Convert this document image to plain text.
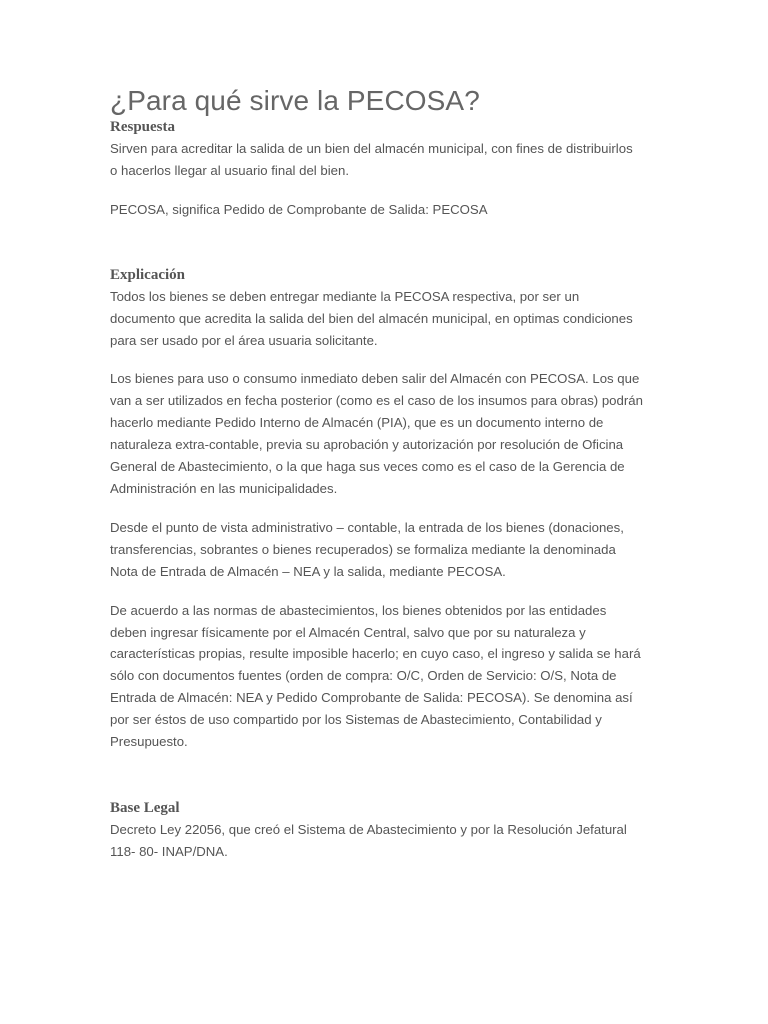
¿Para qué sirve la PECOSA?
Respuesta

Sirven para acreditar la salida de un bien del almacén municipal, con fines de distribuirlos
o hacerlos llegar al usuario final del bien.

PECOSA, significa Pedido de Comprobante de Salida: PECOSA

Explicación

Todos los bienes se deben entregar mediante la PECOSA respectiva, por ser un
documento que acredita la salida del bien del almacén municipal, en optimas condiciones
para ser usado por el área usuaria solicitante.

Los bienes para uso o consumo inmediato deben salir del Almacén con PECOSA. Los que
van a ser utilizados en fecha posterior (como es el caso de los insumos para obras) podrán
hacerlo mediante Pedido Interno de Almacén (PIA), que es un documento interno de
naturaleza extra-contable, previa su aprobación y autorización por resolución de Oficina
General de Abastecimiento, o la que haga sus veces como es el caso de la Gerencia de
Administración en las municipalidades.

Desde el punto de vista administrativo – contable, la entrada de los bienes (donaciones,
transferencias, sobrantes o bienes recuperados) se formaliza mediante la denominada
Nota de Entrada de Almacén – NEA y la salida, mediante PECOSA.

De acuerdo a las normas de abastecimientos, los bienes obtenidos por las entidades
deben ingresar físicamente por el Almacén Central, salvo que por su naturaleza y
características propias, resulte imposible hacerlo; en cuyo caso, el ingreso y salida se hará
sólo con documentos fuentes (orden de compra: O/C, Orden de Servicio: O/S, Nota de
Entrada de Almacén: NEA y Pedido Comprobante de Salida: PECOSA). Se denomina así
por ser éstos de uso compartido por los Sistemas de Abastecimiento, Contabilidad y
Presupuesto.

Base Legal

Decreto Ley 22056, que creó el Sistema de Abastecimiento y por la Resolución Jefatural
118- 80- INAP/DNA.
